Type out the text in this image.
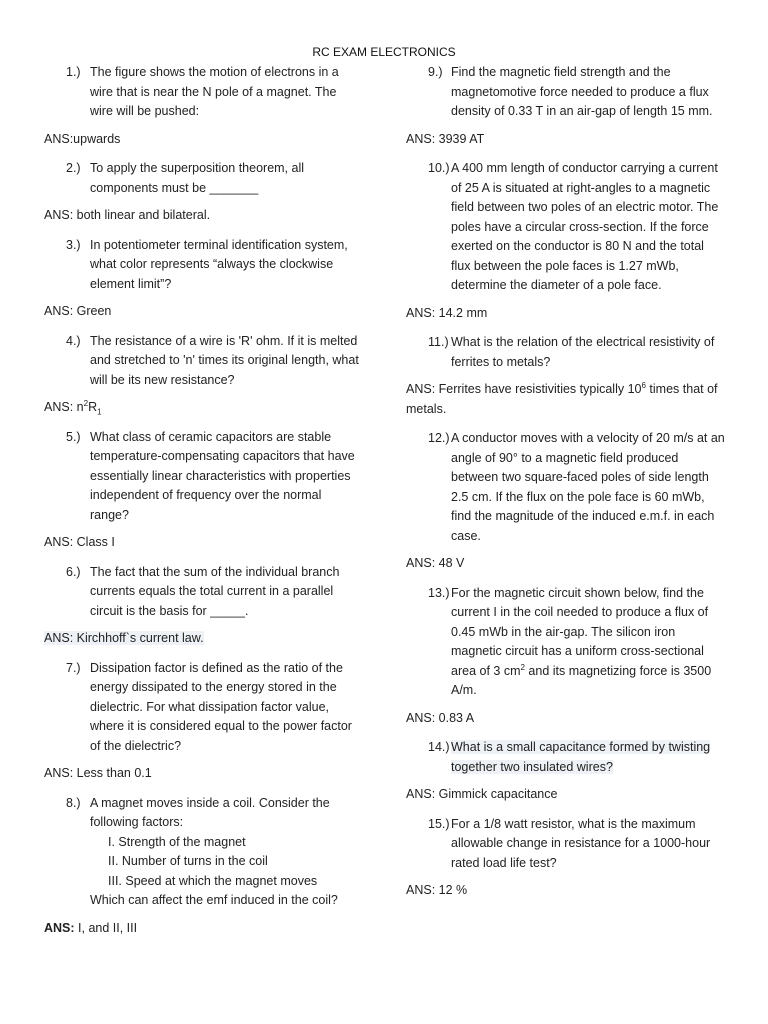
RC EXAM ELECTRONICS
1.) The figure shows the motion of electrons in a wire that is near the N pole of a magnet. The wire will be pushed:
ANS:upwards
2.) To apply the superposition theorem, all components must be _______
ANS: both linear and bilateral.
3.) In potentiometer terminal identification system, what color represents “always the clockwise element limit”?
ANS: Green
4.) The resistance of a wire is 'R' ohm. If it is melted and stretched to 'n' times its original length, what will be its new resistance?
ANS: $n^2R_1$
5.) What class of ceramic capacitors are stable temperature-compensating capacitors that have essentially linear characteristics with properties independent of frequency over the normal range?
ANS: Class I
6.) The fact that the sum of the individual branch currents equals the total current in a parallel circuit is the basis for _____.
ANS: Kirchhoff`s current law.
7.) Dissipation factor is defined as the ratio of the energy dissipated to the energy stored in the dielectric. For what dissipation factor value, where it is considered equal to the power factor of the dielectric?
ANS: Less than 0.1
8.) A magnet moves inside a coil. Consider the following factors:
I. Strength of the magnet
II. Number of turns in the coil
III. Speed at which the magnet moves
Which can affect the emf induced in the coil?
ANS: I, and II, III
9.) Find the magnetic field strength and the magnetomotive force needed to produce a flux density of 0.33 T in an air-gap of length 15 mm.
ANS: 3939 AT
10.) A 400 mm length of conductor carrying a current of 25 A is situated at right-angles to a magnetic field between two poles of an electric motor. The poles have a circular cross-section. If the force exerted on the conductor is 80 N and the total flux between the pole faces is 1.27 mWb, determine the diameter of a pole face.
ANS: 14.2 mm
11.) What is the relation of the electrical resistivity of ferrites to metals?
ANS: Ferrites have resistivities typically $10^6$ times that of metals.
12.) A conductor moves with a velocity of 20 m/s at an angle of 90° to a magnetic field produced between two square-faced poles of side length 2.5 cm. If the flux on the pole face is 60 mWb, find the magnitude of the induced e.m.f. in each case.
ANS: 48 V
13.) For the magnetic circuit shown below, find the current I in the coil needed to produce a flux of 0.45 mWb in the air-gap. The silicon iron magnetic circuit has a uniform cross-sectional area of 3 $cm^2$ and its magnetizing force is 3500 A/m.
ANS: 0.83 A
14.) What is a small capacitance formed by twisting together two insulated wires?
ANS: Gimmick capacitance
15.) For a 1/8 watt resistor, what is the maximum allowable change in resistance for a 1000-hour rated load life test?
ANS: 12 %
